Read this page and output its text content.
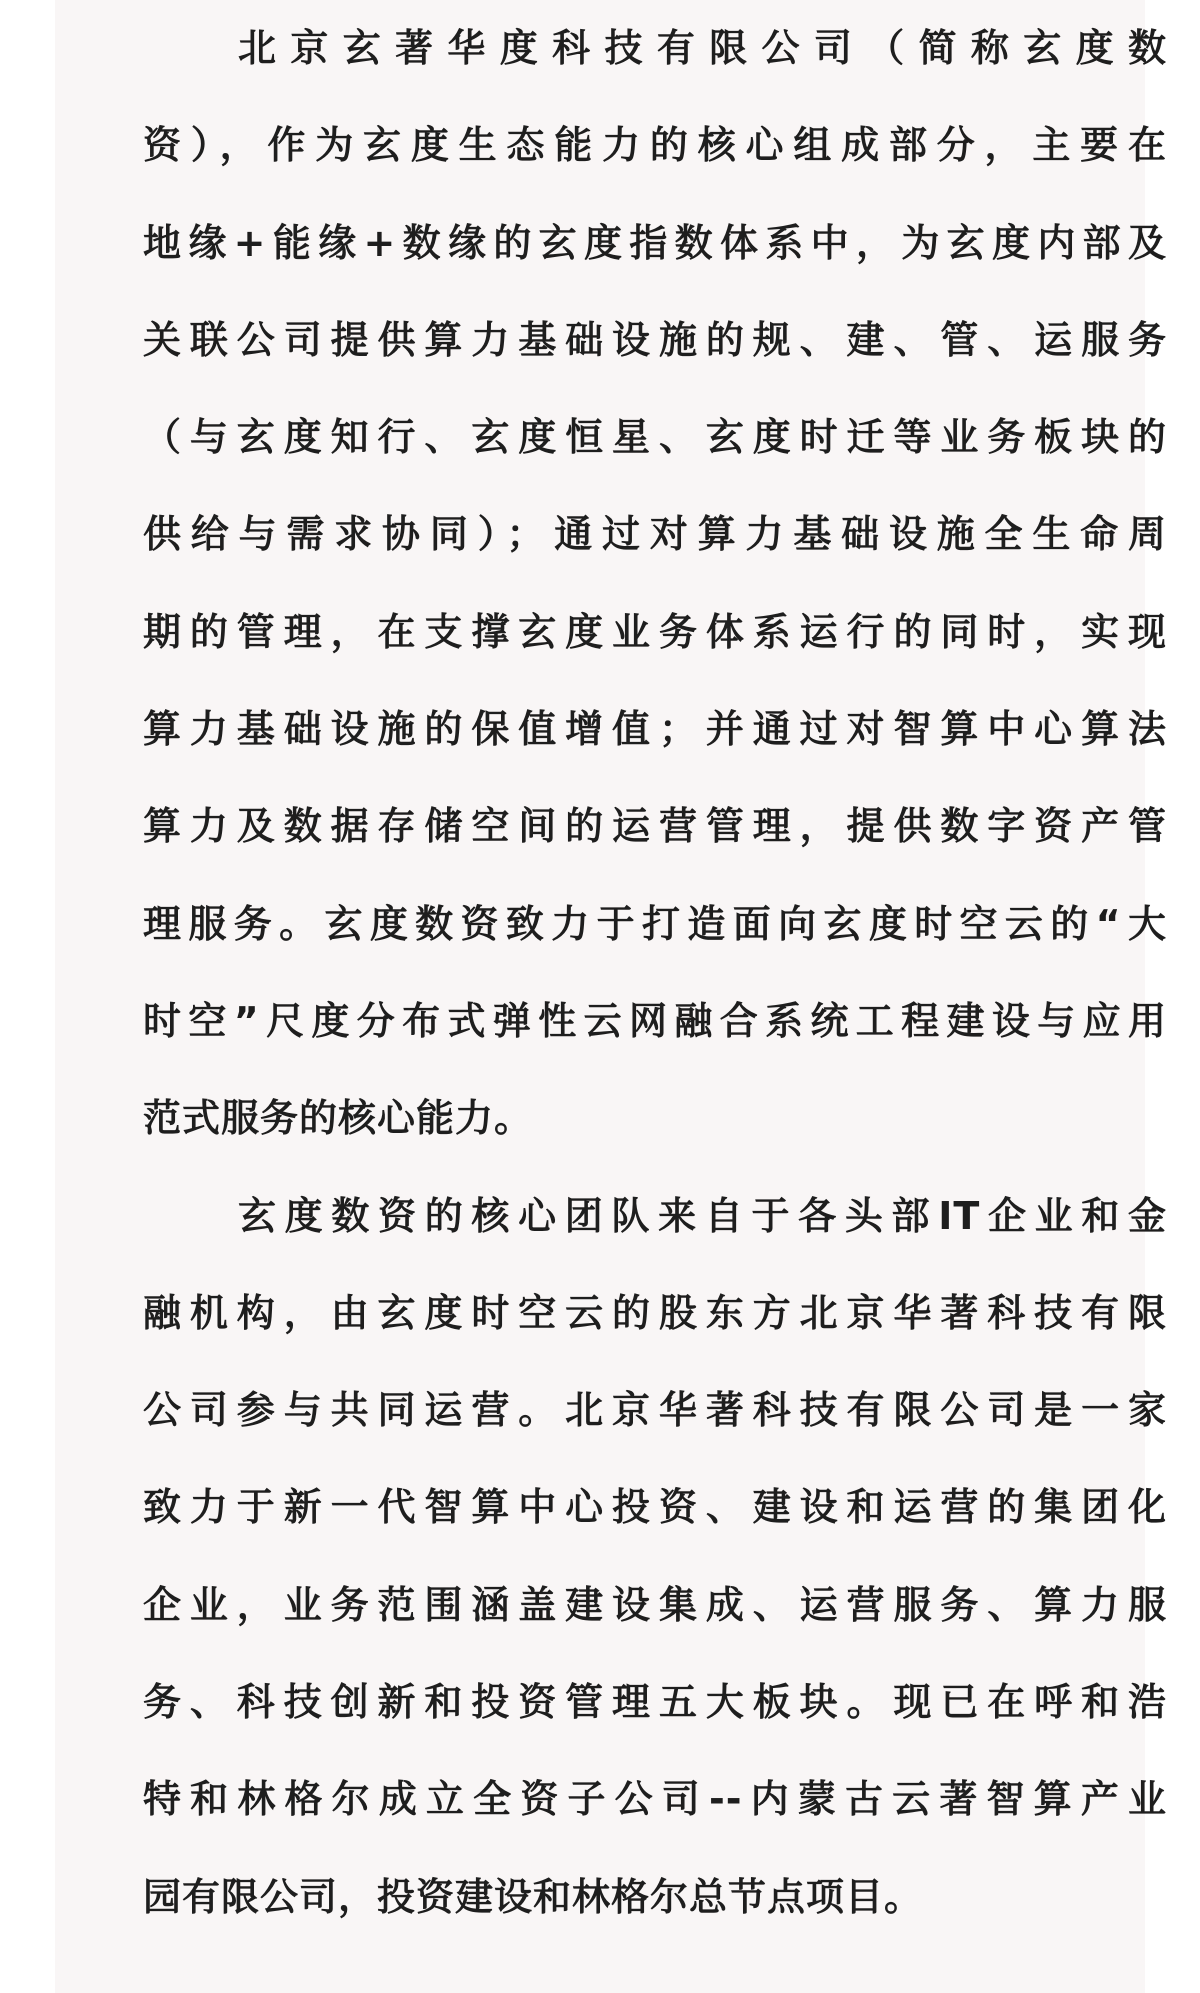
北京玄著华度科技有限公司（简称玄度数
资），作为玄度生态能力的核心组成部分，主要在
地缘+能缘+数缘的玄度指数体系中，为玄度内部及
关联公司提供算力基础设施的规、建、管、运服务
（与玄度知行、玄度恒星、玄度时迁等业务板块的
供给与需求协同）；通过对算力基础设施全生命周
期的管理，在支撑玄度业务体系运行的同时，实现
算力基础设施的保值增值；并通过对智算中心算法
算力及数据存储空间的运营管理，提供数字资产管
理服务。玄度数资致力于打造面向玄度时空云的“大
时空”尺度分布式弹性云网融合系统工程建设与应用
范式服务的核心能力。
玄度数资的核心团队来自于各头部IT企业和金
融机构，由玄度时空云的股东方北京华著科技有限
公司参与共同运营。北京华著科技有限公司是一家
致力于新一代智算中心投资、建设和运营的集团化
企业，业务范围涵盖建设集成、运营服务、算力服
务、科技创新和投资管理五大板块。现已在呼和浩
特和林格尔成立全资子公司--内蒙古云著智算产业
园有限公司，投资建设和林格尔总节点项目。
